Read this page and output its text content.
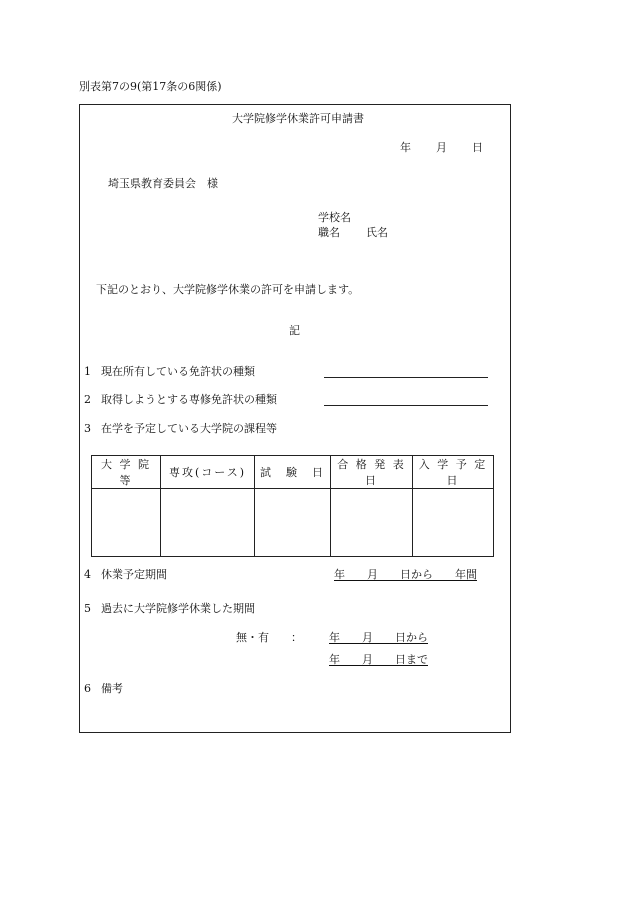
別表第7の9(第17条の6関係)
大学院修学休業許可申請書
年 月 日
埼玉県教育委員会　様
学校名
職名 氏名
下記のとおり、大学院修学休業の許可を申請します。
記
1 現在所有している免許状の種類
2 取得しようとする専修免許状の種類
3 在学を予定している大学院の課程等
大 学 院 等	専攻(コース)	試　験　日	合 格 発 表 日	入 学 予 定 日

4 休業予定期間	年　　月　　日から　　年間
5 過去に大学院修学休業した期間
無・有　　：	年　　月　　日から
年　　月　　日まで
6 備考
